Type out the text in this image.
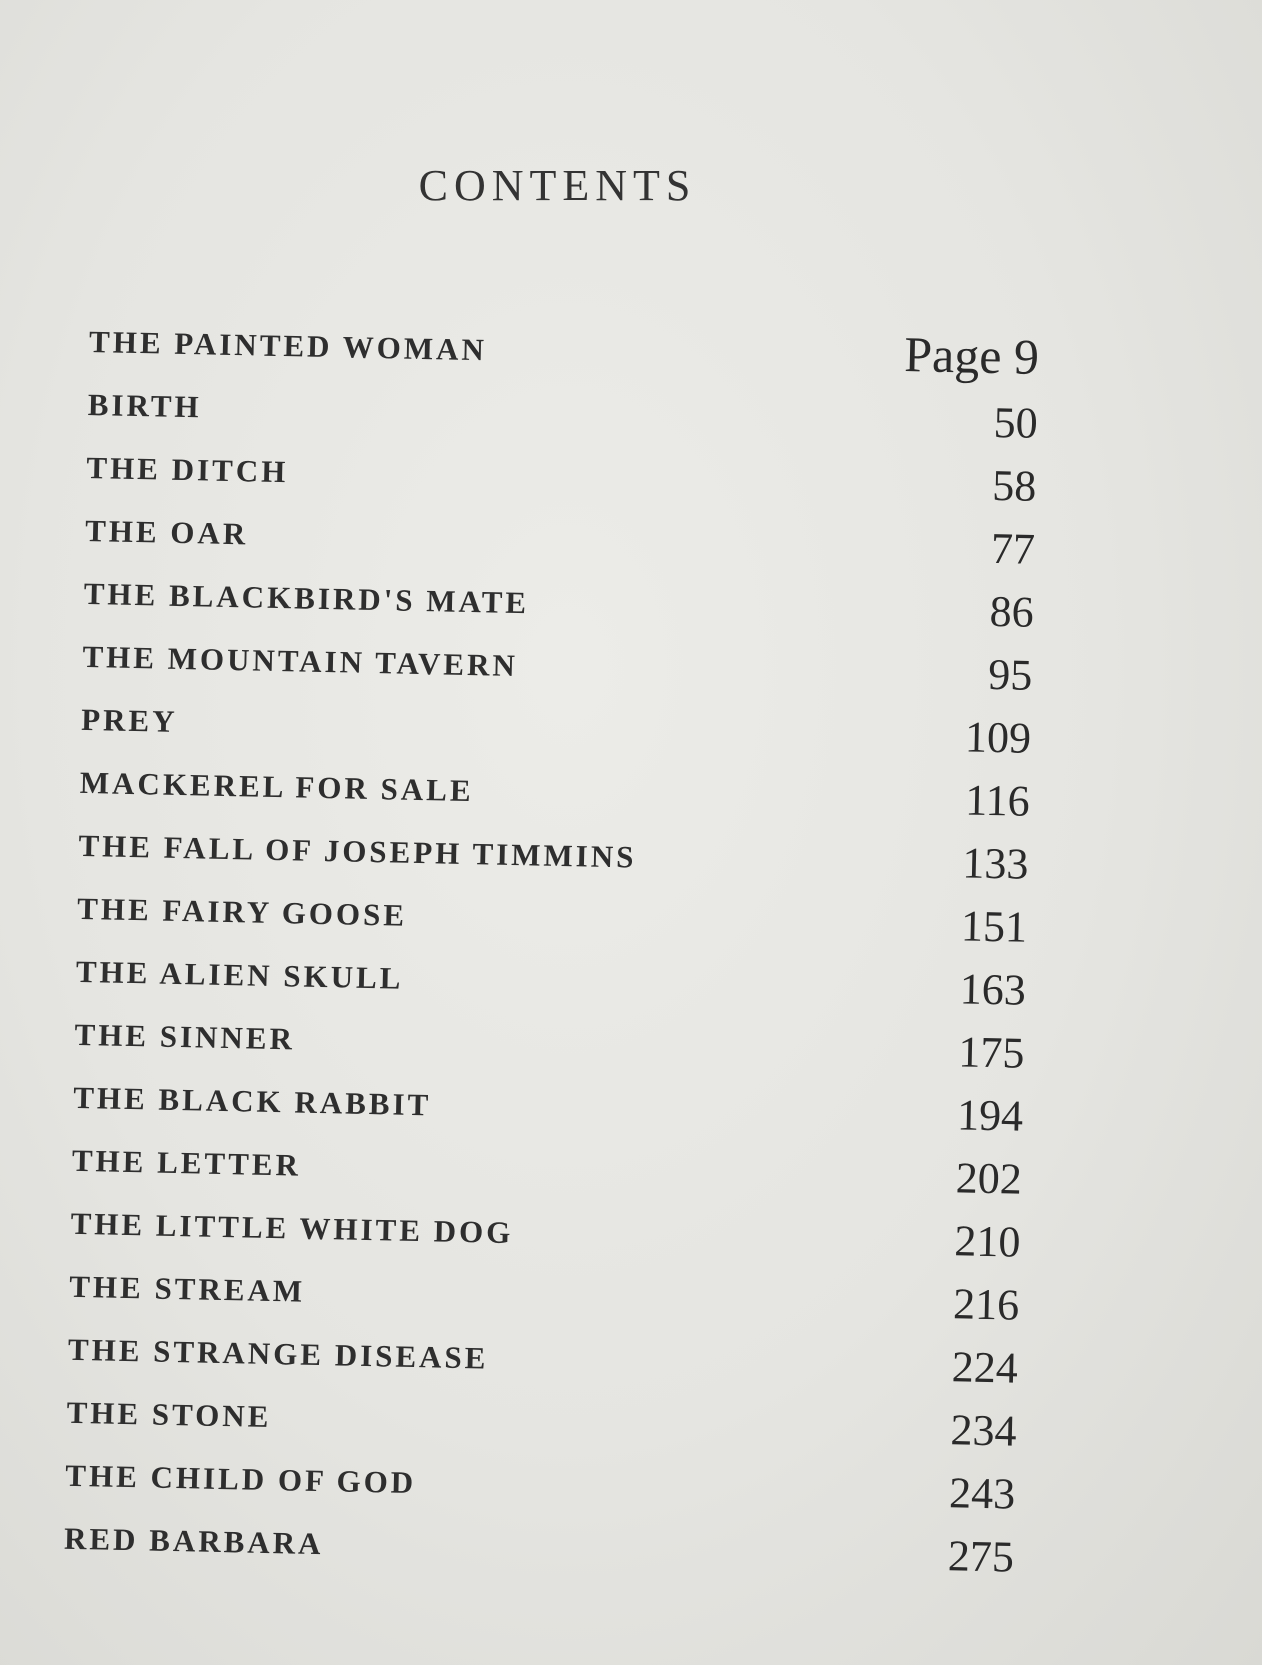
CONTENTS
THE PAINTED WOMAN	Page 9
BIRTH	50
THE DITCH	58
THE OAR	77
THE BLACKBIRD'S MATE	86
THE MOUNTAIN TAVERN	95
PREY	109
MACKEREL FOR SALE	116
THE FALL OF JOSEPH TIMMINS	133
THE FAIRY GOOSE	151
THE ALIEN SKULL	163
THE SINNER	175
THE BLACK RABBIT	194
THE LETTER	202
THE LITTLE WHITE DOG	210
THE STREAM	216
THE STRANGE DISEASE	224
THE STONE	234
THE CHILD OF GOD	243
RED BARBARA	275
